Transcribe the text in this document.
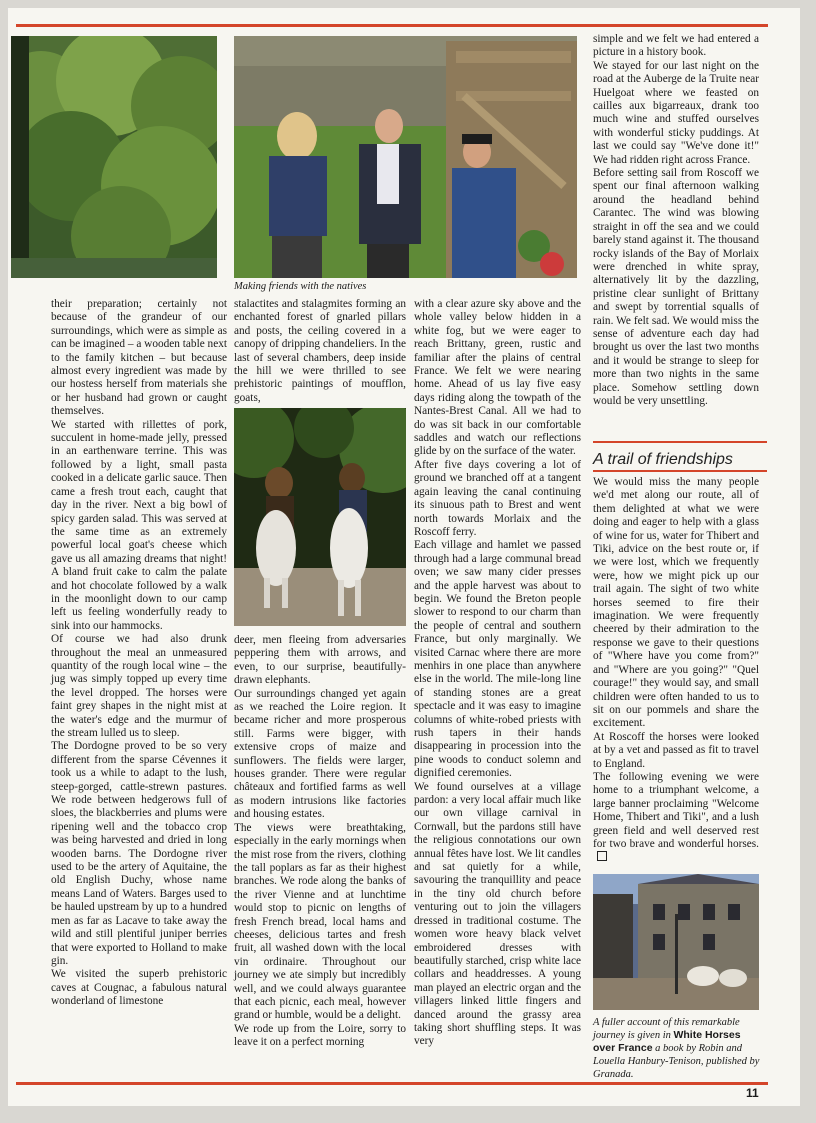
Making friends with the natives

their preparation; certainly not because of the grandeur of our surroundings, which were as simple as can be imagined – a wooden table next to the family kitchen – but because almost every ingredient was made by our hostess herself from materials she or her husband had grown or caught themselves.

We started with rillettes of pork, succulent in home-made jelly, pressed in an earthenware terrine. This was followed by a light, small pasta cooked in a delicate garlic sauce. Then came a fresh trout each, caught that day in the river. Next a big bowl of spicy garden salad. This was served at the same time as an extremely powerful local goat's cheese which gave us all amazing dreams that night! A bland fruit cake to calm the palate and hot chocolate followed by a walk in the moonlight down to our camp left us feeling wonderfully ready to sink into our hammocks.

Of course we had also drunk throughout the meal an unmeasured quantity of the rough local wine – the jug was simply topped up every time the level dropped. The horses were faint grey shapes in the night mist at the water's edge and the murmur of the stream lulled us to sleep.

The Dordogne proved to be so very different from the sparse Cévennes it took us a while to adapt to the lush, steep-gorged, cattle-strewn pastures. We rode between hedgerows full of sloes, the blackberries and plums were ripening well and the tobacco crop was being harvested and dried in long wooden barns. The Dordogne river used to be the artery of Aquitaine, the old English Duchy, whose name means Land of Waters. Barges used to be hauled upstream by up to a hundred men as far as Lacave to take away the wild and still plentiful juniper berries that were exported to Holland to make gin.

We visited the superb prehistoric caves at Cougnac, a fabulous natural wonderland of limestone

stalactites and stalagmites forming an enchanted forest of gnarled pillars and posts, the ceiling covered in a canopy of dripping chandeliers. In the last of several chambers, deep inside the hill we were thrilled to see prehistoric paintings of moufflon, goats,

deer, men fleeing from adversaries peppering them with arrows, and even, to our surprise, beautifully-drawn elephants.

Our surroundings changed yet again as we reached the Loire region. It became richer and more prosperous still. Farms were bigger, with extensive crops of maize and sunflowers. The fields were larger, houses grander. There were regular châteaux and fortified farms as well as modern intrusions like factories and housing estates.

The views were breathtaking, especially in the early mornings when the mist rose from the rivers, clothing the tall poplars as far as their highest branches. We rode along the banks of the river Vienne and at lunchtime would stop to picnic on lengths of fresh French bread, local hams and cheeses, delicious tartes and fresh fruit, all washed down with the local vin ordinaire. Throughout our journey we ate simply but incredibly well, and we could always guarantee that each picnic, each meal, however grand or humble, would be a delight.

We rode up from the Loire, sorry to leave it on a perfect morning

with a clear azure sky above and the whole valley below hidden in a white fog, but we were eager to reach Brittany, green, rustic and familiar after the plains of central France. We felt we were nearing home. Ahead of us lay five easy days riding along the towpath of the Nantes-Brest Canal. All we had to do was sit back in our comfortable saddles and watch our reflections glide by on the surface of the water.

After five days covering a lot of ground we branched off at a tangent again leaving the canal continuing its sinuous path to Brest and went north towards Morlaix and the Roscoff ferry.

Each village and hamlet we passed through had a large communal bread oven; we saw many cider presses and the apple harvest was about to begin. We found the Breton people slower to respond to our charm than the people of central and southern France, but only marginally. We visited Carnac where there are more menhirs in one place than anywhere else in the world. The mile-long line of standing stones are a great spectacle and it was easy to imagine columns of white-robed priests with rush tapers in their hands disappearing in procession into the pine woods to conduct solemn and dignified ceremonies.

We found ourselves at a village pardon: a very local affair much like our own village carnival in Cornwall, but the pardons still have the religious connotations our own annual fêtes have lost. We lit candles and sat quietly for a while, savouring the tranquillity and peace in the tiny old church before venturing out to join the villagers dressed in traditional costume. The women wore heavy black velvet embroidered dresses with beautifully starched, crisp white lace collars and headdresses. A young man played an electric organ and the villagers linked little fingers and danced around the grassy area taking short shuffling steps. It was very

simple and we felt we had entered a picture in a history book.

We stayed for our last night on the road at the Auberge de la Truite near Huelgoat where we feasted on cailles aux bigarreaux, drank too much wine and stuffed ourselves with wonderful sticky puddings. At last we could say "We've done it!" We had ridden right across France.

Before setting sail from Roscoff we spent our final afternoon walking around the headland behind Carantec. The wind was blowing straight in off the sea and we could barely stand against it. The thousand rocky islands of the Bay of Morlaix were drenched in white spray, alternatively lit by the dazzling, pristine clear sunlight of Brittany and swept by torrential squalls of rain. We felt sad. We would miss the sense of adventure each day had brought us over the last two months and it would be strange to sleep for more than two nights in the same place. Somehow settling down would be very unsettling.

A trail of friendships

We would miss the many people we'd met along our route, all of them delighted at what we were doing and eager to help with a glass of wine for us, water for Thibert and Tiki, advice on the best route or, if we were lost, which we frequently were, how we might pick up our trail again. The sight of two white horses seemed to fire their imagination. We were frequently cheered by their admiration to the response we gave to their questions of "Where have you come from?" and "Where are you going?" "Quel courage!" they would say, and small children were often handed to us to sit on our pommels and share the excitement.

At Roscoff the horses were looked at by a vet and passed as fit to travel to England.

The following evening we were home to a triumphant welcome, a large banner proclaiming "Welcome Home, Thibert and Tiki", and a lush green field and well deserved rest for two brave and wonderful horses.

A fuller account of this remarkable journey is given in White Horses over France a book by Robin and Louella Hanbury-Tenison, published by Granada.
11
